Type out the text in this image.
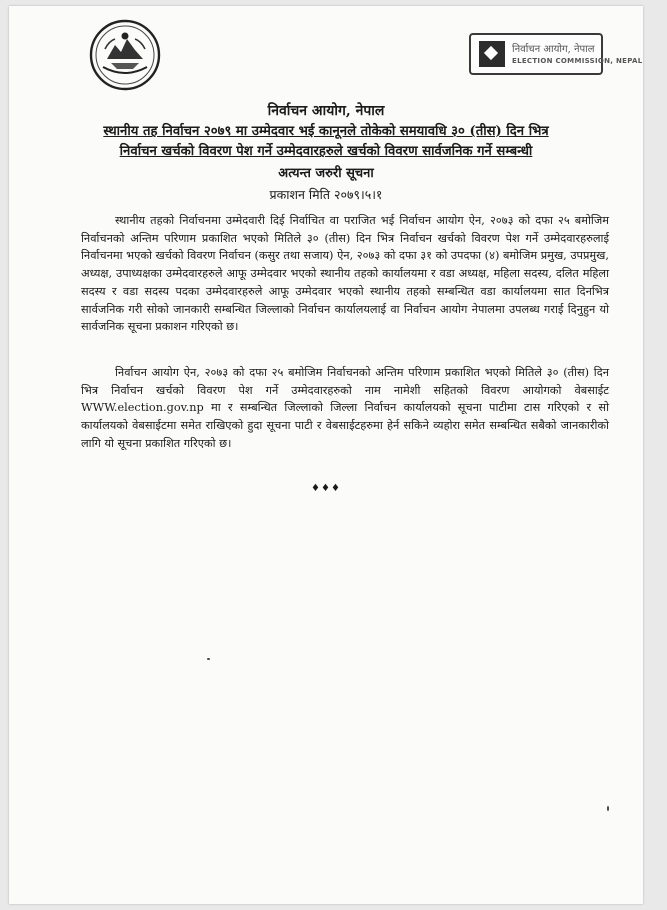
निर्वाचन आयोग, नेपाल
ELECTION COMMISSION, NEPAL
निर्वाचन आयोग, नेपाल
स्थानीय तह निर्वाचन २०७९ मा उम्मेदवार भई कानूनले तोकेको समयावधि ३० (तीस) दिन भित्र
निर्वाचन खर्चको विवरण पेश गर्ने उम्मेदवारहरुले खर्चको विवरण सार्वजनिक गर्ने सम्बन्धी
अत्यन्त जरुरी सूचना
प्रकाशन मिति २०७९।५।१
स्थानीय तहको निर्वाचनमा उम्मेदवारी दिई निर्वाचित वा पराजित भई निर्वाचन आयोग ऐन, २०७३ को दफा २५ बमोजिम निर्वाचनको अन्तिम परिणाम प्रकाशित भएको मितिले ३० (तीस) दिन भित्र निर्वाचन खर्चको विवरण पेश गर्ने उम्मेदवारहरुलाई निर्वाचनमा भएको खर्चको विवरण निर्वाचन (कसुर तथा सजाय) ऐन, २०७३ को दफा ३१ को उपदफा (४) बमोजिम प्रमुख, उपप्रमुख, अध्यक्ष, उपाध्यक्षका उम्मेदवारहरुले आफू उम्मेदवार भएको स्थानीय तहको कार्यालयमा र वडा अध्यक्ष, महिला सदस्य, दलित महिला सदस्य र वडा सदस्य पदका उम्मेदवारहरुले आफू उम्मेदवार भएको स्थानीय तहको सम्बन्धित वडा कार्यालयमा सात दिनभित्र सार्वजनिक गरी सोको जानकारी सम्बन्धित जिल्लाको निर्वाचन कार्यालयलाई वा निर्वाचन आयोग नेपालमा उपलब्ध गराई दिनुहुन यो सार्वजनिक सूचना प्रकाशन गरिएको छ।
निर्वाचन आयोग ऐन, २०७३ को दफा २५ बमोजिम निर्वाचनको अन्तिम परिणाम प्रकाशित भएको मितिले ३० (तीस) दिन भित्र निर्वाचन खर्चको विवरण पेश गर्ने उम्मेदवारहरुको नाम नामेशी सहितको विवरण आयोगको वेबसाईट WWW.election.gov.np मा र सम्बन्धित जिल्लाको जिल्ला निर्वाचन कार्यालयको सूचना पाटीमा टास गरिएको र सो कार्यालयको वेबसाईटमा समेत राखिएको हुदा सूचना पाटी र वेबसाईटहरुमा हेर्न सकिने व्यहोरा समेत सम्बन्धित सबैको जानकारीको लागि यो सूचना प्रकाशित गरिएको छ।
♦♦♦
